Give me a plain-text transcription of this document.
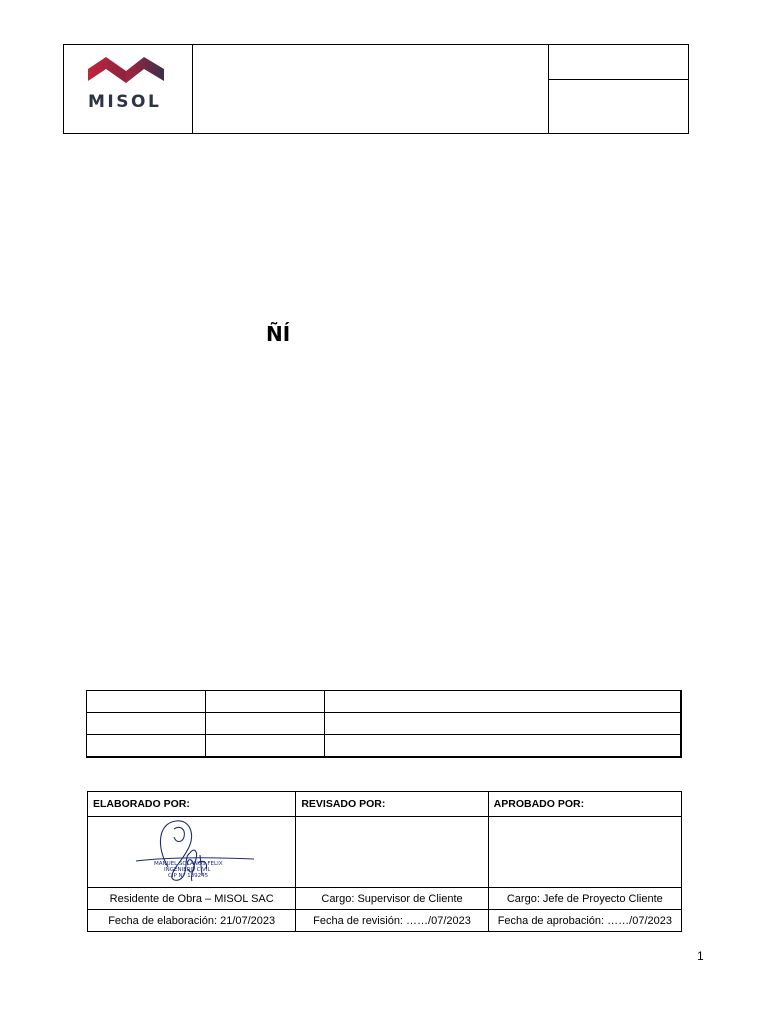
MISOL
ÑÍ

ELABORADO POR:	REVISADO POR:	APROBADO POR:

MANUEL SOLANOS FELIX
INGENIERO CIVIL
CIP N° 139245		

Residente de Obra – MISOL SAC	Cargo: Supervisor de Cliente	Cargo: Jefe de Proyecto Cliente
Fecha de elaboración: 21/07/2023	Fecha de revisión: ……/07/2023	Fecha de aprobación: ……/07/2023
1
